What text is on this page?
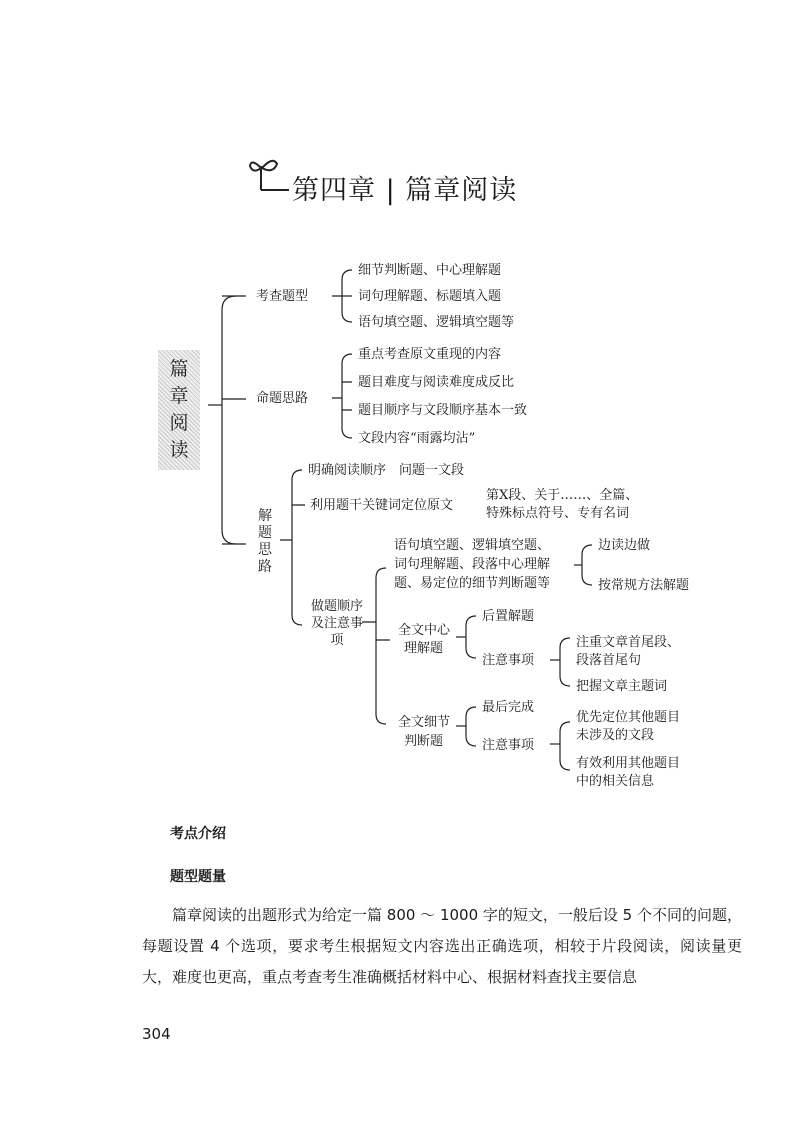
第四章 | 篇章阅读
篇章阅读
考查题型
细节判断题、中心理解题
词句理解题、标题填入题
语句填空题、逻辑填空题等
命题思路
重点考查原文重现的内容
题目难度与阅读难度成反比
题目顺序与文段顺序基本一致
文段内容“雨露均沾”
解题思路
明确阅读顺序　问题一文段
利用题干关键词定位原文
第X段、关于……、全篇、
特殊标点符号、专有名词
做题顺序及注意事项
语句填空题、逻辑填空题、
词句理解题、段落中心理解
题、易定位的细节判断题等
边读边做
按常规方法解题
全文中心
理解题
后置解题
注意事项
注重文章首尾段、
段落首尾句
把握文章主题词
全文细节
判断题
最后完成
注意事项
优先定位其他题目
未涉及的文段
有效利用其他题目
中的相关信息
考点介绍
题型题量
篇章阅读的出题形式为给定一篇 800 ～ 1000 字的短文，一般后设 5 个不同的问题，每题设置 4 个选项，要求考生根据短文内容选出正确选项，相较于片段阅读，阅读量更大，难度也更高，重点考查考生准确概括材料中心、根据材料查找主要信息
304
